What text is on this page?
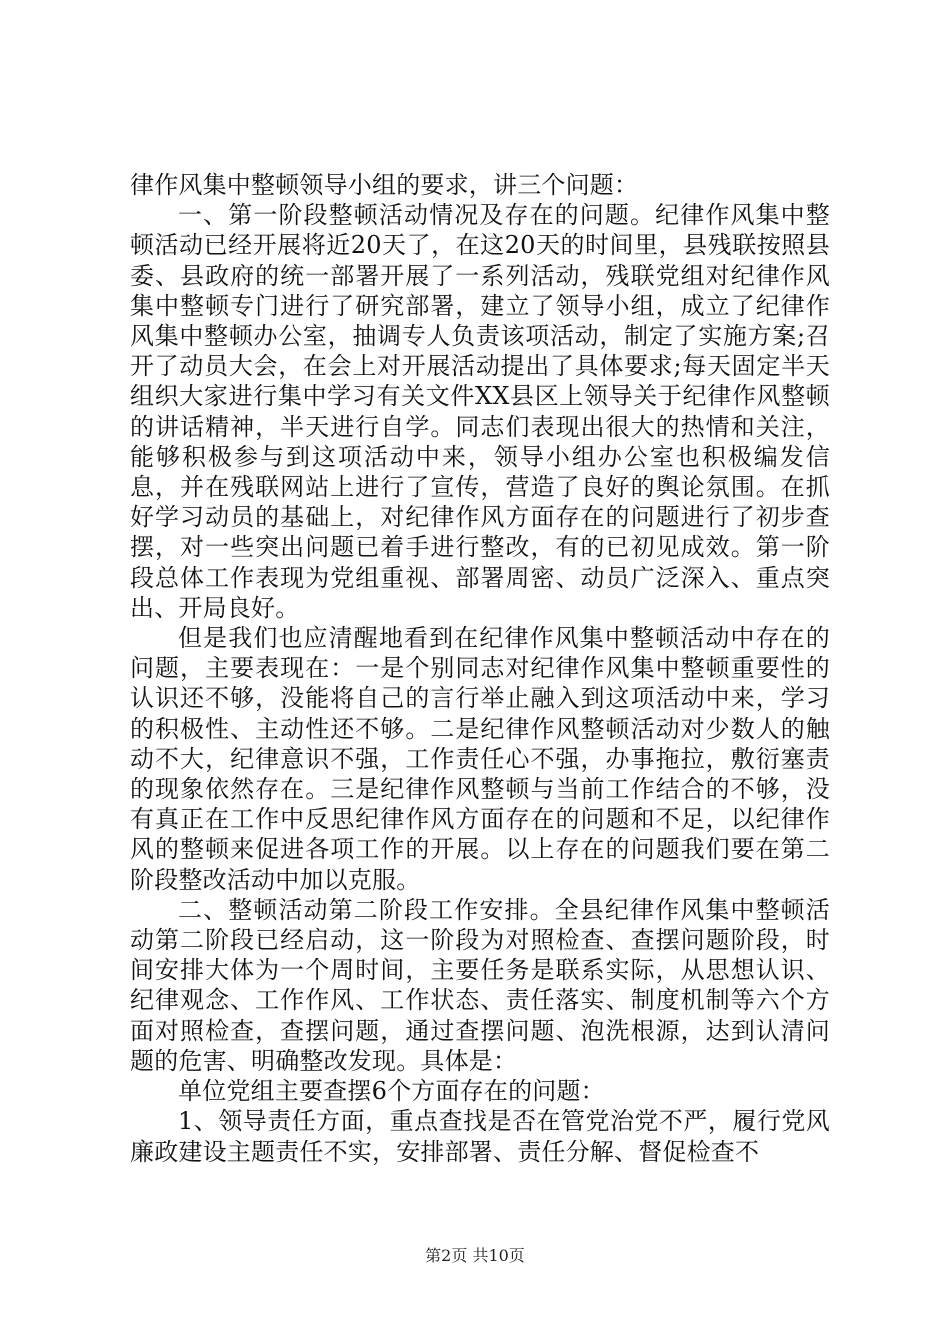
律作风集中整顿领导小组的要求，讲三个问题：

一、第一阶段整顿活动情况及存在的问题。纪律作风集中整顿活动已经开展将近20天了，在这20天的时间里，县残联按照县委、县政府的统一部署开展了一系列活动，残联党组对纪律作风集中整顿专门进行了研究部署，建立了领导小组，成立了纪律作风集中整顿办公室，抽调专人负责该项活动，制定了实施方案;召开了动员大会，在会上对开展活动提出了具体要求;每天固定半天组织大家进行集中学习有关文件XX县区上领导关于纪律作风整顿的讲话精神，半天进行自学。同志们表现出很大的热情和关注，能够积极参与到这项活动中来，领导小组办公室也积极编发信息，并在残联网站上进行了宣传，营造了良好的舆论氛围。在抓好学习动员的基础上，对纪律作风方面存在的问题进行了初步查摆，对一些突出问题已着手进行整改，有的已初见成效。第一阶段总体工作表现为党组重视、部署周密、动员广泛深入、重点突出、开局良好。

但是我们也应清醒地看到在纪律作风集中整顿活动中存在的问题，主要表现在：一是个别同志对纪律作风集中整顿重要性的认识还不够，没能将自己的言行举止融入到这项活动中来，学习的积极性、主动性还不够。二是纪律作风整顿活动对少数人的触动不大，纪律意识不强，工作责任心不强，办事拖拉，敷衍塞责的现象依然存在。三是纪律作风整顿与当前工作结合的不够，没有真正在工作中反思纪律作风方面存在的问题和不足，以纪律作风的整顿来促进各项工作的开展。以上存在的问题我们要在第二阶段整改活动中加以克服。

二、整顿活动第二阶段工作安排。全县纪律作风集中整顿活动第二阶段已经启动，这一阶段为对照检查、查摆问题阶段，时间安排大体为一个周时间，主要任务是联系实际，从思想认识、纪律观念、工作作风、工作状态、责任落实、制度机制等六个方面对照检查，查摆问题，通过查摆问题、泡洗根源，达到认清问题的危害、明确整改发现。具体是：

单位党组主要查摆6个方面存在的问题：

1、领导责任方面，重点查找是否在管党治党不严，履行党风廉政建设主题责任不实，安排部署、责任分解、督促检查不

第2页 共10页
